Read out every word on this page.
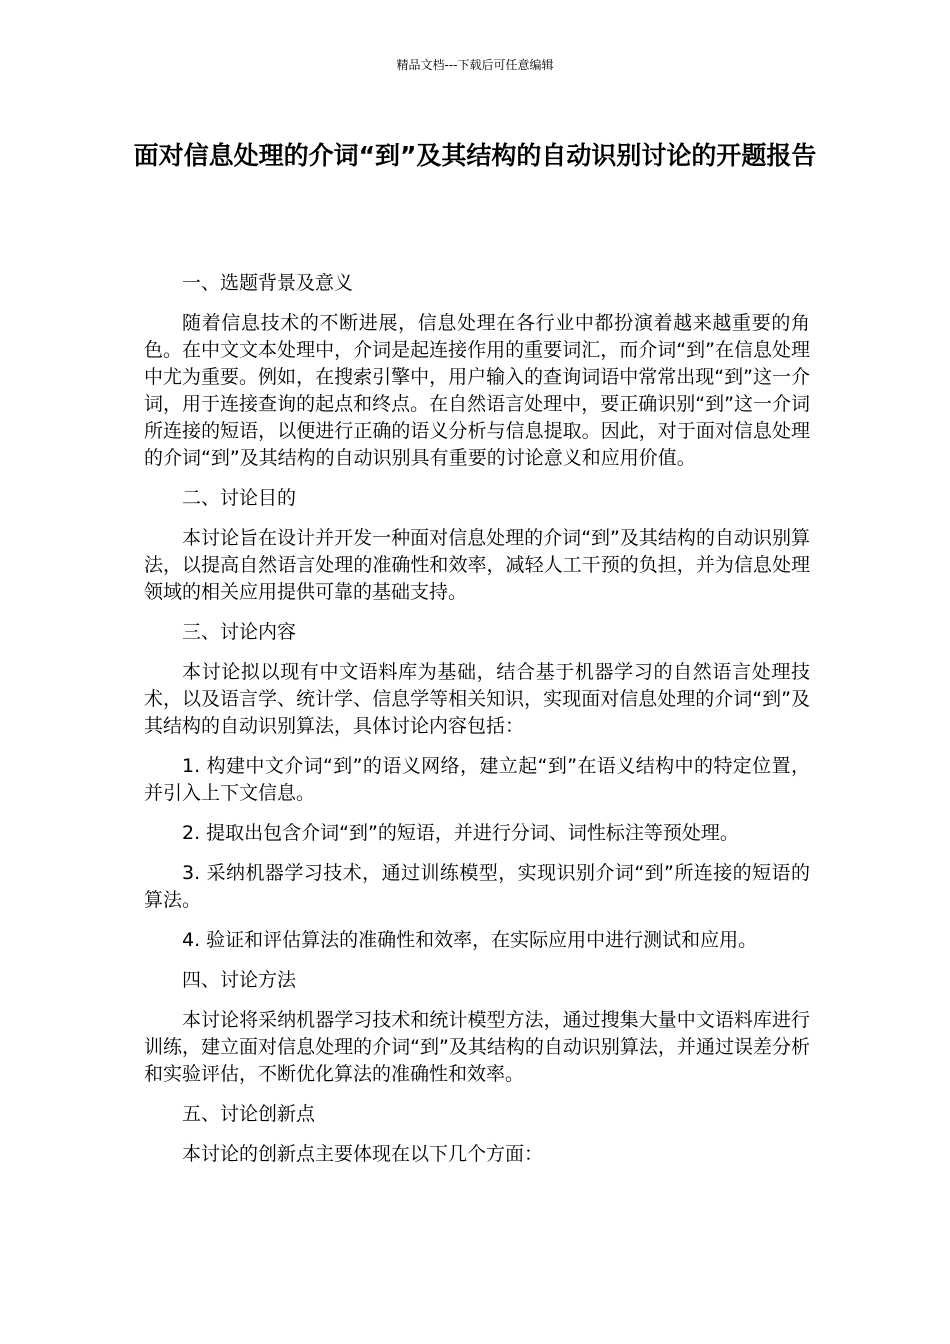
精品文档---下载后可任意编辑
面对信息处理的介词“到”及其结构的自动识别讨论的开题报告

一、选题背景及意义

随着信息技术的不断进展，信息处理在各行业中都扮演着越来越重要的角色。在中文文本处理中，介词是起连接作用的重要词汇，而介词“到”在信息处理中尤为重要。例如，在搜索引擎中，用户输入的查询词语中常常出现“到”这一介词，用于连接查询的起点和终点。在自然语言处理中，要正确识别“到”这一介词所连接的短语，以便进行正确的语义分析与信息提取。因此，对于面对信息处理的介词“到”及其结构的自动识别具有重要的讨论意义和应用价值。

二、讨论目的

本讨论旨在设计并开发一种面对信息处理的介词“到”及其结构的自动识别算法，以提高自然语言处理的准确性和效率，减轻人工干预的负担，并为信息处理领域的相关应用提供可靠的基础支持。

三、讨论内容

本讨论拟以现有中文语料库为基础，结合基于机器学习的自然语言处理技术，以及语言学、统计学、信息学等相关知识，实现面对信息处理的介词“到”及其结构的自动识别算法，具体讨论内容包括：

1. 构建中文介词“到”的语义网络，建立起“到”在语义结构中的特定位置，并引入上下文信息。

2. 提取出包含介词“到”的短语，并进行分词、词性标注等预处理。

3. 采纳机器学习技术，通过训练模型，实现识别介词“到”所连接的短语的算法。

4. 验证和评估算法的准确性和效率，在实际应用中进行测试和应用。

四、讨论方法

本讨论将采纳机器学习技术和统计模型方法，通过搜集大量中文语料库进行训练，建立面对信息处理的介词“到”及其结构的自动识别算法，并通过误差分析和实验评估，不断优化算法的准确性和效率。

五、讨论创新点

本讨论的创新点主要体现在以下几个方面：
